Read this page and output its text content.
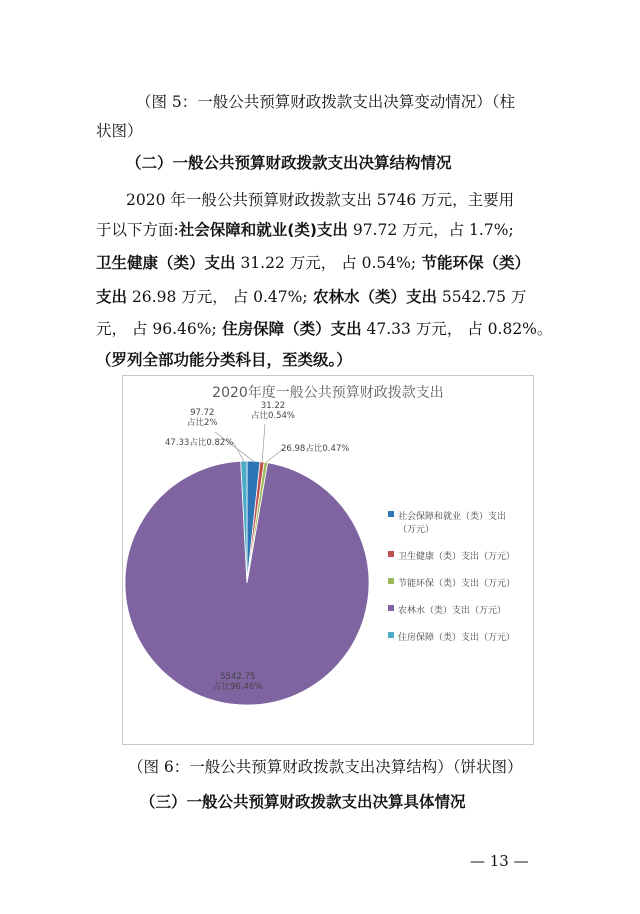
（图 5：一般公共预算财政拨款支出决算变动情况）（柱
状图）
（二）一般公共预算财政拨款支出决算结构情况
2020 年一般公共预算财政拨款支出 5746 万元，主要用
于以下方面:社会保障和就业(类)支出 97.72 万元，占 1.7%;
卫生健康（类）支出 31.22 万元， 占 0.54%; 节能环保（类）
支出 26.98 万元， 占 0.47%; 农林水（类）支出 5542.75 万
元， 占 96.46%; 住房保障（类）支出 47.33 万元， 占 0.82%。
（罗列全部功能分类科目，至类级。）
2020年度一般公共预算财政拨款支出
97.72
占比2%
31.22
占比0.54%
26.98占比0.47%
47.33占比0.82%
5542.75
占比96.46%
社会保障和就业（类）支出
（万元）
卫生健康（类）支出（万元）
节能环保（类）支出（万元）
农林水（类）支出（万元）
住房保障（类）支出（万元）
（图 6：一般公共预算财政拨款支出决算结构）（饼状图）
（三）一般公共预算财政拨款支出决算具体情况
— 13 —
